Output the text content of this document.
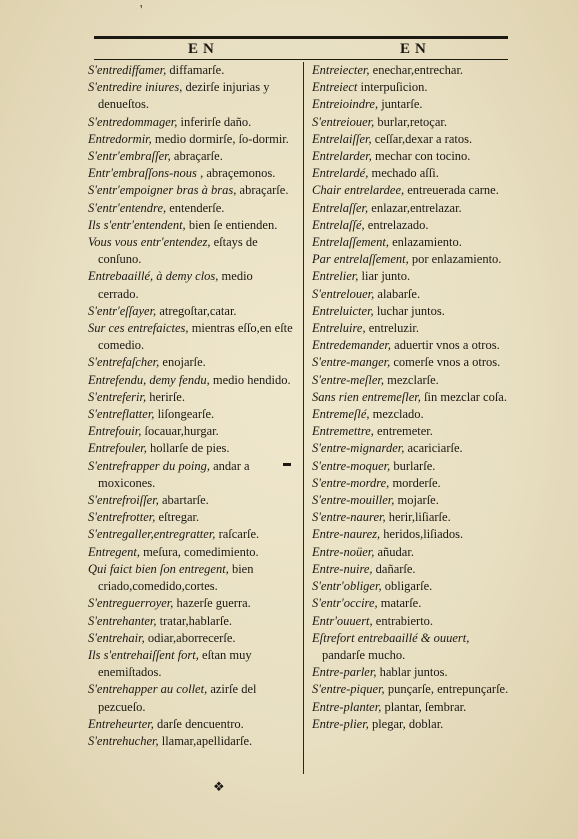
'
EN	EN
S'entrediffamer, diffamarſe.
S'entredire iniures, dezirſe injurias y denueſtos.
S'entredommager, inferirſe daño.
Entredormir, medio dormirſe, ſo-dormir.
S'entr'embraſſer, abraçarſe.
Entr'embraſſons-nous , abraçemonos.
S'entr'empoigner bras à bras, abraçarſe.
S'entr'entendre, entenderſe.
Ils s'entr'entendent, bien ſe entienden.
Vous vous entr'entendez, eſtays de conſuno.
Entrebaaillé, à demy clos, medio cerrado.
S'entr'eſſayer, atregoſtar,catar.
Sur ces entrefaictes, mientras eſſo,en eſte comedio.
S'entrefaſcher, enojarſe.
Entrefendu, demy fendu, medio hendido.
S'entreferir, herirſe.
S'entreflatter, liſongearſe.
Entrefouir, ſocauar,hurgar.
Entrefouler, hollarſe de pies.
S'entrefrapper du poing, andar a moxicones.
S'entrefroiſſer, abartarſe.
S'entrefrotter, eſtregar.
S'entregaller,entregratter, raſcarſe.
Entregent, meſura, comedimiento.
Qui faict bien ſon entregent, bien criado,comedido,cortes.
S'entreguerroyer, hazerſe guerra.
S'entrehanter, tratar,hablarſe.
S'entrehair, odiar,aborrecerſe.
Ils s'entrehaiſſent fort, eſtan muy enemiſtados.
S'entrehapper au collet, azirſe del pezcueſo.
Entreheurter, darſe dencuentro.
S'entrehucher, llamar,apellidarſe.
Entreiecter, enechar,entrechar.
Entreiect interpuſicion.
Entreioindre, juntarſe.
S'entreiouer, burlar,retoçar.
Entrelaiſſer, ceſſar,dexar a ratos.
Entrelarder, mechar con tocino.
Entrelardé, mechado aſſi.
Chair entrelardee, entreuerada carne.
Entrelaſſer, enlazar,entrelazar.
Entrelaſſé, entrelazado.
Entrelaſſement, enlazamiento.
Par entrelaſſement, por enlazamiento.
Entrelier, liar junto.
S'entrelouer, alabarſe.
Entreluicter, luchar juntos.
Entreluire, entreluzir.
Entredemander, aduertir vnos a otros.
S'entre-manger, comerſe vnos a otros.
S'entre-meſler, mezclarſe.
Sans rien entremeſler, ſin mezclar coſa.
Entremeſlé, mezclado.
Entremettre, entremeter.
S'entre-mignarder, acariciarſe.
S'entre-moquer, burlarſe.
S'entre-mordre, morderſe.
S'entre-mouiller, mojarſe.
S'entre-naurer, herir,liſiarſe.
Entre-naurez, heridos,liſiados.
Entre-noüer, añudar.
Entre-nuire, dañarſe.
S'entr'obliger, obligarſe.
S'entr'occire, matarſe.
Entr'ouuert, entrabierto.
Eſtrefort entrebaaillé & ouuert, pandarſe mucho.
Entre-parler, hablar juntos.
S'entre-piquer, punçarſe, entrepunçarſe.
Entre-planter, plantar, ſembrar.
Entre-plier, plegar, doblar.
❖
